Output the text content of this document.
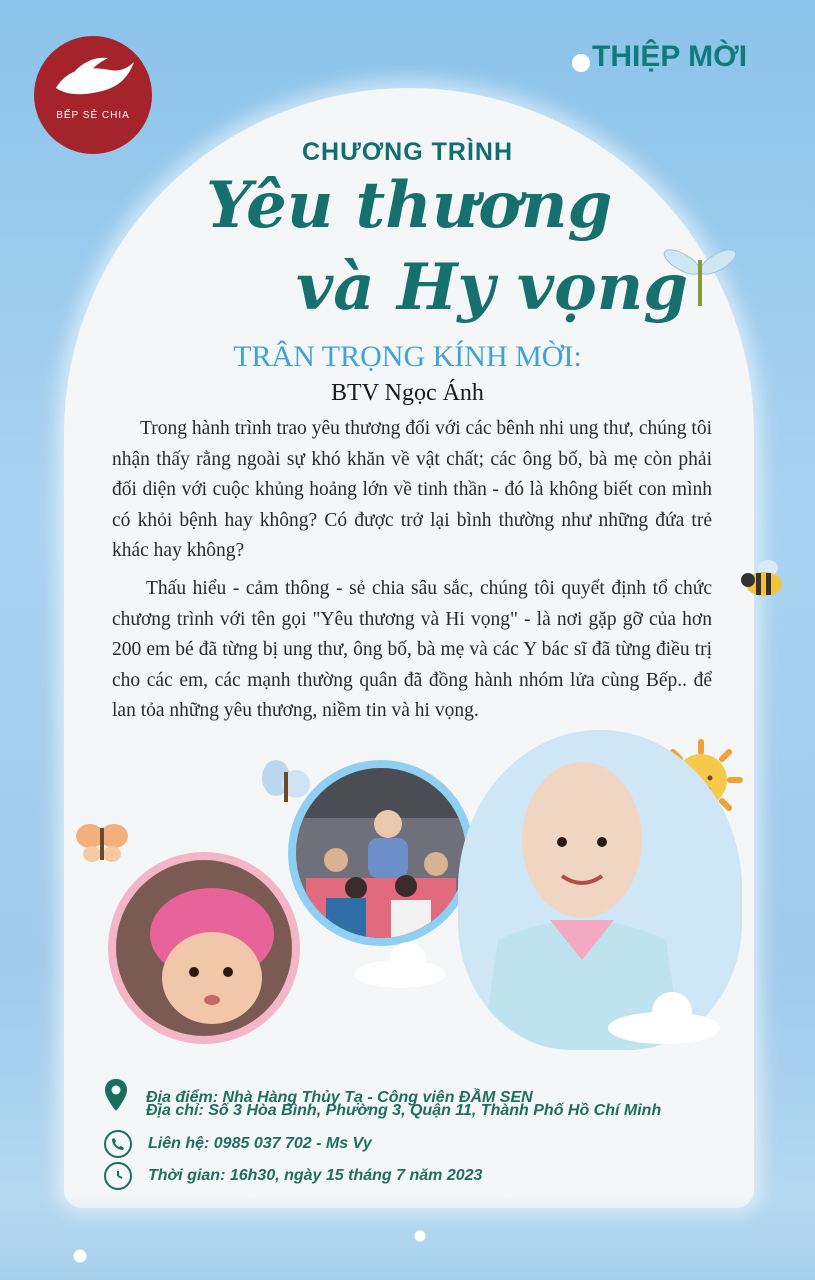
BẾP SẺ CHIA
THIỆP MỜI
CHƯƠNG TRÌNH
Yêu thương
và Hy vọng
TRÂN TRỌNG KÍNH MỜI:
BTV Ngọc Ánh

Trong hành trình trao yêu thương đối với các bênh nhi ung thư, chúng tôi nhận thấy rằng ngoài sự khó khăn về vật chất; các ông bố, bà mẹ còn phải đối diện với cuộc khủng hoảng lớn về tinh thần - đó là không biết con mình có khỏi bệnh hay không? Có được trở lại bình thường như những đứa trẻ khác hay không?

Thấu hiểu - cảm thông - sẻ chia sâu sắc, chúng tôi quyết định tổ chức chương trình với tên gọi "Yêu thương và Hi vọng" - là nơi gặp gỡ của hơn 200 em bé đã từng bị ung thư, ông bố, bà mẹ và các Y bác sĩ đã từng điều trị cho các em, các mạnh thường quân đã đồng hành nhóm lửa cùng Bếp.. để lan tỏa những yêu thương, niềm tin và hi vọng.

Địa điểm: Nhà Hàng Thủy Tạ - Công viên ĐẦM SEN
Địa chỉ: Số 3 Hòa Bình, Phường 3, Quận 11, Thành Phố Hồ Chí Minh
Liên hệ: 0985 037 702 - Ms Vy
Thời gian: 16h30, ngày 15 tháng 7 năm 2023
